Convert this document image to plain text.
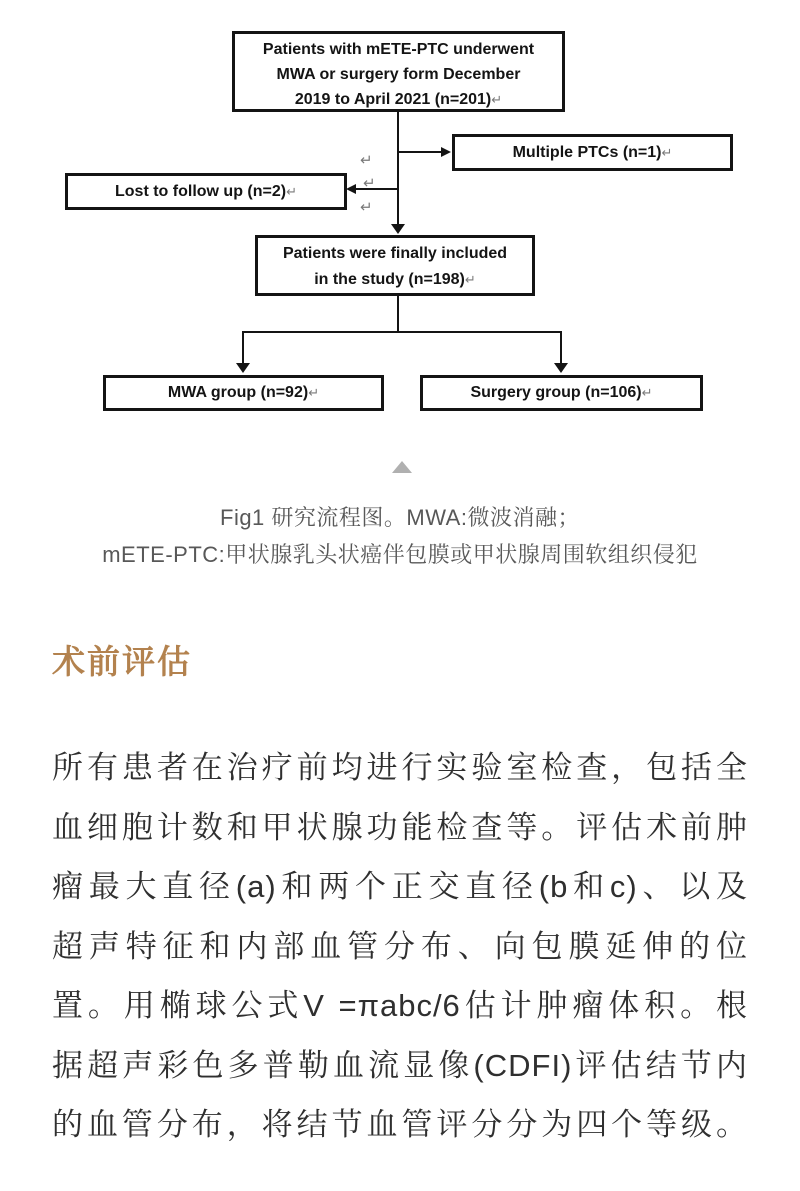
Patients with mETE-PTC underwent
MWA or surgery form December
2019 to April 2021 (n=201)↵
Multiple PTCs (n=1)↵
Lost to follow up (n=2)↵
↵
↵
↵
Patients were finally included
in the study (n=198)↵
MWA group (n=92)↵	Surgery group (n=106)↵
Fig1 研究流程图。MWA:微波消融；
mETE-PTC:甲状腺乳头状癌伴包膜或甲状腺周围软组织侵犯
术前评估
所有患者在治疗前均进行实验室检查，包括全
血细胞计数和甲状腺功能检查等。评估术前肿
瘤最大直径(a)和两个正交直径(b和c)、以及
超声特征和内部血管分布、向包膜延伸的位
置。用椭球公式V =πabc/6估计肿瘤体积。根
据超声彩色多普勒血流显像(CDFI)评估结节内
的血管分布，将结节血管评分分为四个等级。
